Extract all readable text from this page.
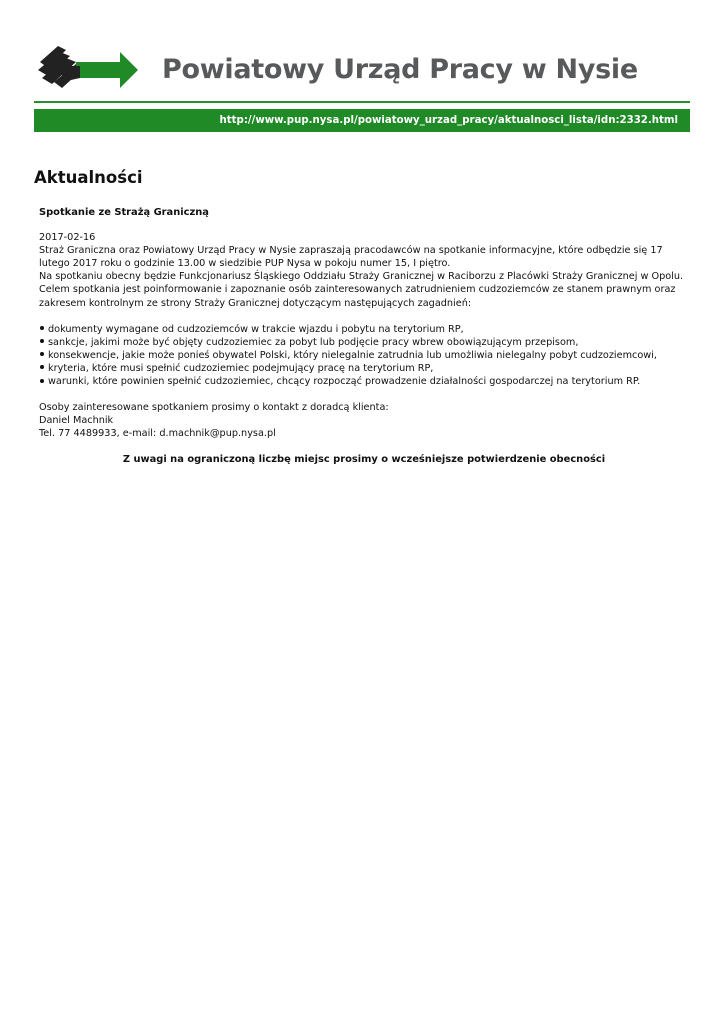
Powiatowy Urząd Pracy w Nysie
http://www.pup.nysa.pl/powiatowy_urzad_pracy/aktualnosci_lista/idn:2332.html
Aktualności
Spotkanie ze Strażą Graniczną

2017-02-16

Straż Graniczna oraz Powiatowy Urząd Pracy w Nysie zapraszają pracodawców na spotkanie informacyjne, które odbędzie się 17 lutego 2017 roku o godzinie 13.00 w siedzibie PUP Nysa w pokoju numer 15, I piętro.

Na spotkaniu obecny będzie Funkcjonariusz Śląskiego Oddziału Straży Granicznej w Raciborzu z Placówki Straży Granicznej w Opolu.

Celem spotkania jest poinformowanie i zapoznanie osób zainteresowanych zatrudnieniem cudzoziemców ze stanem prawnym oraz zakresem kontrolnym ze strony Straży Granicznej dotyczącym następujących zagadnień:

dokumenty wymagane od cudzoziemców w trakcie wjazdu i pobytu na terytorium RP,
sankcje, jakimi może być objęty cudzoziemiec za pobyt lub podjęcie pracy wbrew obowiązującym przepisom,
konsekwencje, jakie może ponieś obywatel Polski, który nielegalnie zatrudnia lub umożliwia nielegalny pobyt cudzoziemcowi,
kryteria, które musi spełnić cudzoziemiec podejmujący pracę na terytorium RP,
warunki, które powinien spełnić cudzoziemiec, chcący rozpocząć prowadzenie działalności gospodarczej na terytorium RP.

Osoby zainteresowane spotkaniem prosimy o kontakt z doradcą klienta:

Daniel Machnik

Tel. 77 4489933, e-mail: d.machnik@pup.nysa.pl

Z uwagi na ograniczoną liczbę miejsc prosimy o wcześniejsze potwierdzenie obecności
